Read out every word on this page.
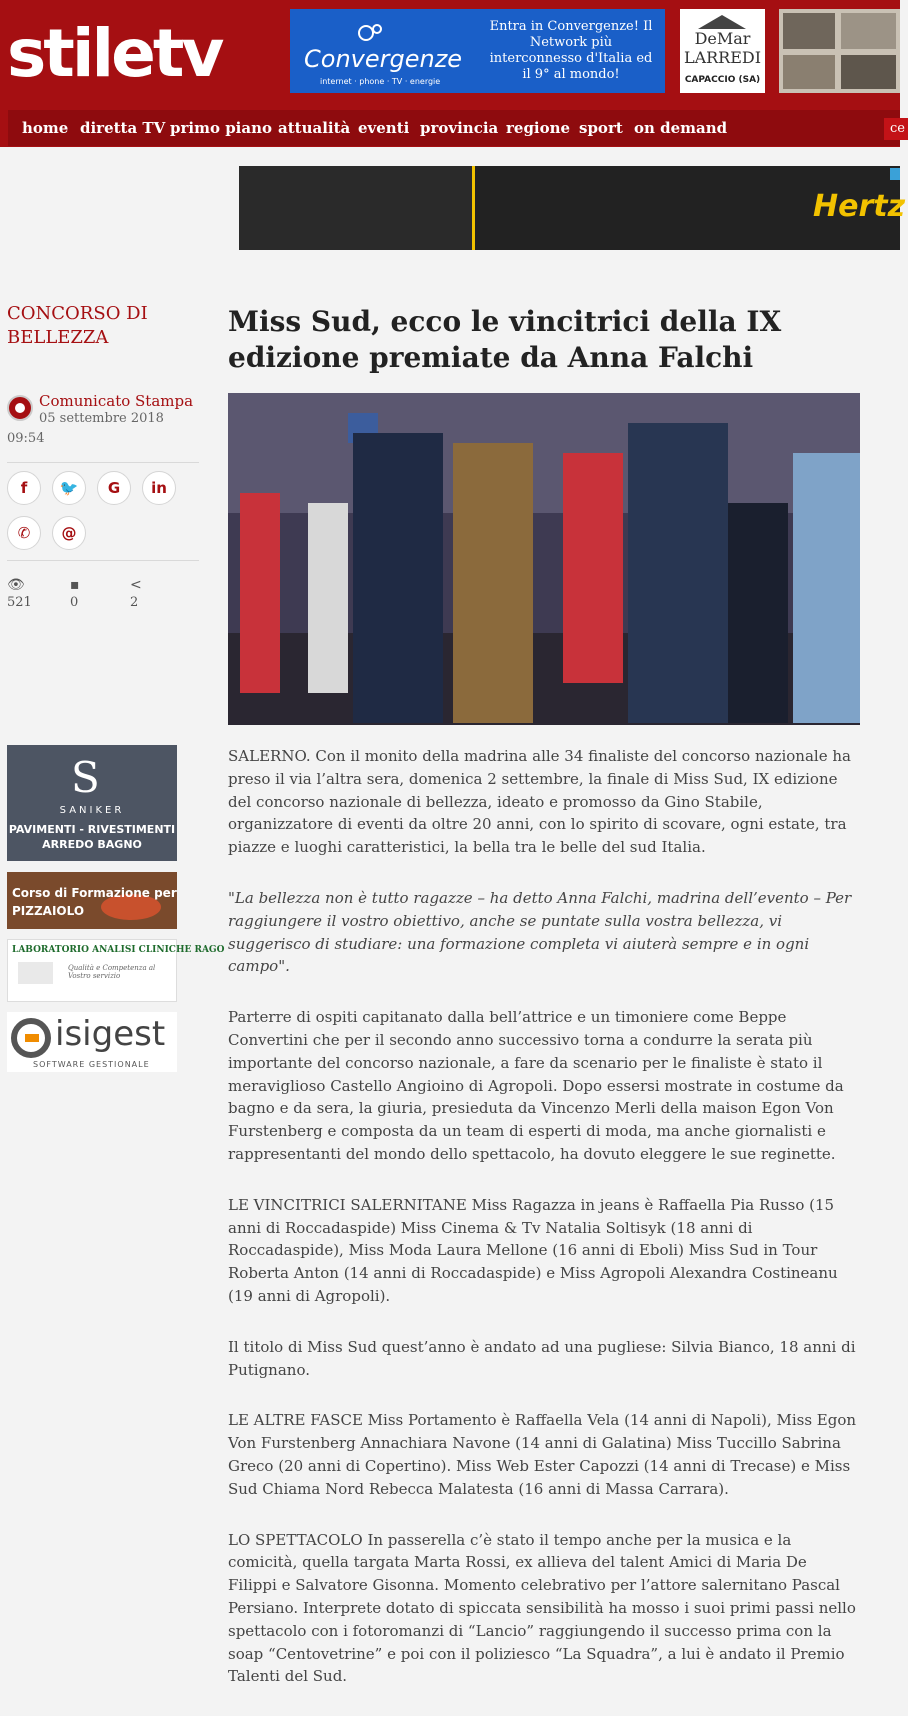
stiletv	Convergenze
internet · phone · TV · energie
Entra in Convergenze! Il Network più interconnesso d'Italia ed il 9° al mondo!
DeMar LARREDI
CAPACCIO (SA)
home diretta TV primo piano attualità eventi provincia regione sport on demand	ce
Hertz
CONCORSO DI BELLEZZA
Comunicato Stampa
05 settembre 2018
09:54
f	🐦	G	in
✆	@
👁
521
▪
0
<
2
S
SANIKER
PAVIMENTI - RIVESTIMENTI
ARREDO BAGNO
Corso di Formazione per
PIZZAIOLO
LABORATORIO ANALISI CLINICHE RAGO
Qualità e Competenza al Vostro servizio
isigest
SOFTWARE GESTIONALE
Miss Sud, ecco le vincitrici della IX edizione premiate da Anna Falchi

SALERNO. Con il monito della madrina alle 34 finaliste del concorso nazionale ha preso il via l’altra sera, domenica 2 settembre, la finale di Miss Sud, IX edizione del concorso nazionale di bellezza, ideato e promosso da Gino Stabile, organizzatore di eventi da oltre 20 anni, con lo spirito di scovare, ogni estate, tra piazze e luoghi caratteristici, la bella tra le belle del sud Italia.

"La bellezza non è tutto ragazze – ha detto Anna Falchi, madrina dell’evento – Per raggiungere il vostro obiettivo, anche se puntate sulla vostra bellezza, vi suggerisco di studiare: una formazione completa vi aiuterà sempre e in ogni campo".

Parterre di ospiti capitanato dalla bell’attrice e un timoniere come Beppe Convertini che per il secondo anno successivo torna a condurre la serata più importante del concorso nazionale, a fare da scenario per le finaliste è stato il meraviglioso Castello Angioino di Agropoli. Dopo essersi mostrate in costume da bagno e da sera, la giuria, presieduta da Vincenzo Merli della maison Egon Von Furstenberg e composta da un team di esperti di moda, ma anche giornalisti e rappresentanti del mondo dello spettacolo, ha dovuto eleggere le sue reginette.

LE VINCITRICI SALERNITANE Miss Ragazza in jeans è Raffaella Pia Russo (15 anni di Roccadaspide) Miss Cinema & Tv Natalia Soltisyk (18 anni di Roccadaspide), Miss Moda Laura Mellone (16 anni di Eboli) Miss Sud in Tour Roberta Anton (14 anni di Roccadaspide) e Miss Agropoli Alexandra Costineanu (19 anni di Agropoli).

Il titolo di Miss Sud quest’anno è andato ad una pugliese: Silvia Bianco, 18 anni di Putignano.

LE ALTRE FASCE Miss Portamento è Raffaella Vela (14 anni di Napoli), Miss Egon Von Furstenberg Annachiara Navone (14 anni di Galatina) Miss Tuccillo Sabrina Greco (20 anni di Copertino). Miss Web Ester Capozzi (14 anni di Trecase) e Miss Sud Chiama Nord Rebecca Malatesta (16 anni di Massa Carrara).

LO SPETTACOLO In passerella c’è stato il tempo anche per la musica e la comicità, quella targata Marta Rossi, ex allieva del talent Amici di Maria De Filippi e Salvatore Gisonna. Momento celebrativo per l’attore salernitano Pascal Persiano. Interprete dotato di spiccata sensibilità ha mosso i suoi primi passi nello spettacolo con i fotoromanzi di “Lancio” raggiungendo il successo prima con la soap “Centovetrine” e poi con il poliziesco “La Squadra”, a lui è andato il Premio Talenti del Sud.
